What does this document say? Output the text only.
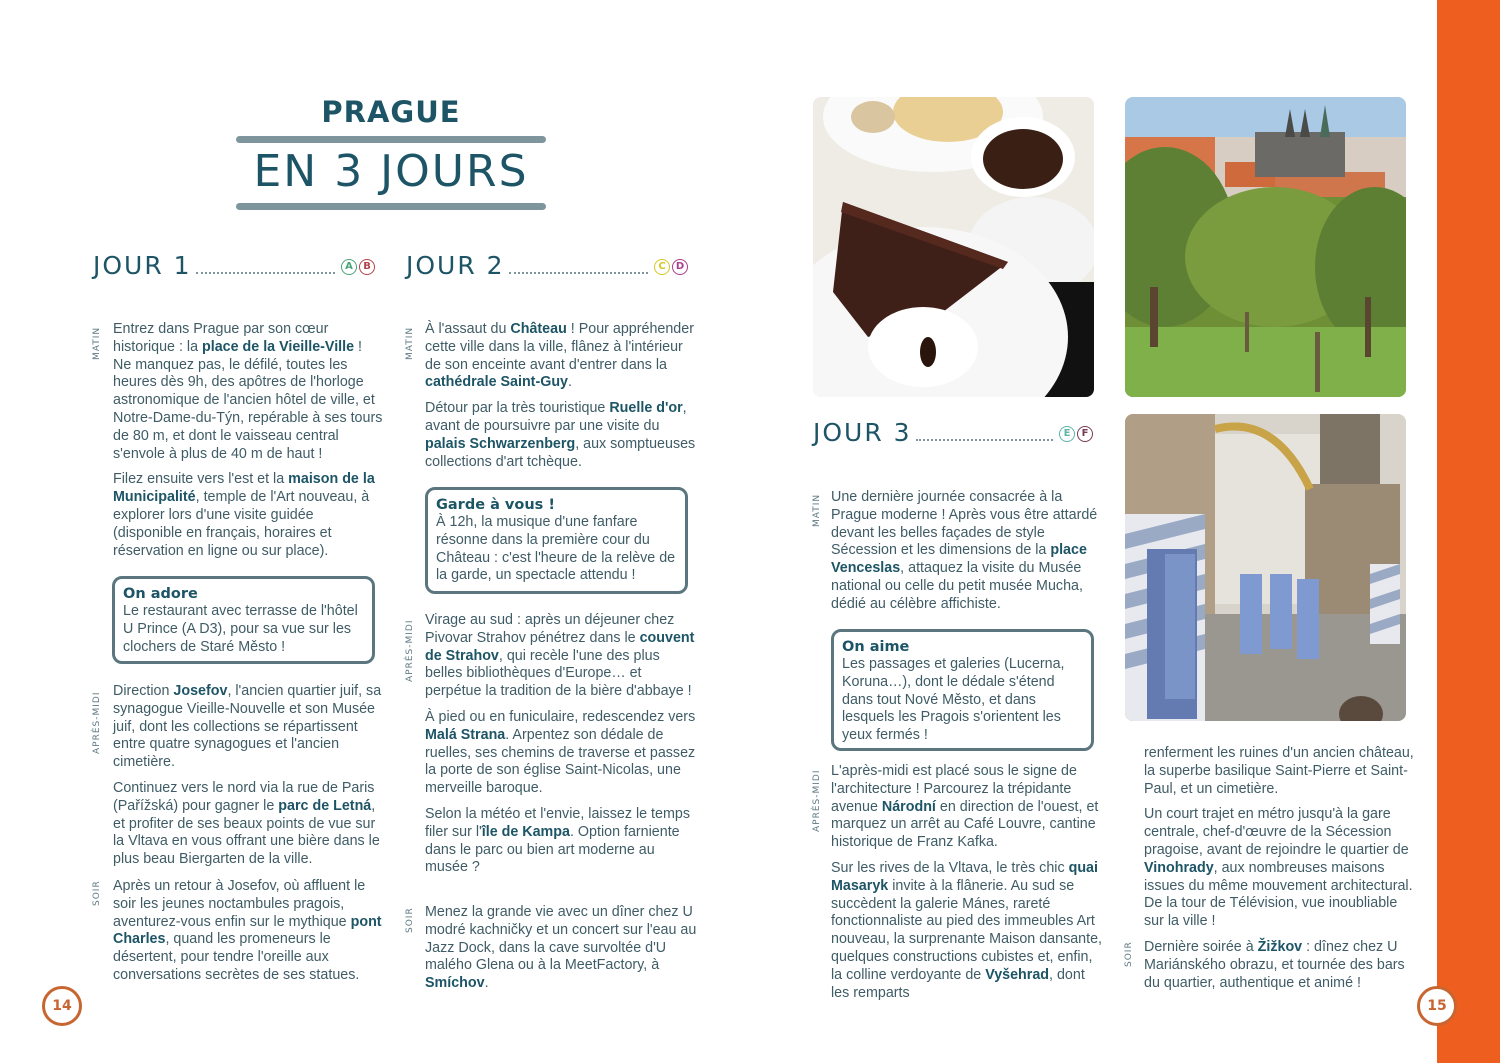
PRAGUE
EN 3 JOURS
JOUR 1	A	B JOUR 2	C	D
JOUR 3	E	F
MATIN Entrez dans Prague par son cœur historique : la place de la Vieille-Ville ! Ne manquez pas, le défilé, toutes les heures dès 9h, des apôtres de l'horloge astronomique de l'ancien hôtel de ville, et Notre-Dame-du-Týn, repérable à ses tours de 80 m, et dont le vaisseau central s'envole à plus de 40 m de haut !

Filez ensuite vers l'est et la maison de la Municipalité, temple de l'Art nouveau, à explorer lors d'une visite guidée (disponible en français, horaires et réservation en ligne ou sur place).

On adore
Le restaurant avec terrasse de l'hôtel U Prince (A D3), pour sa vue sur les clochers de Staré Město !
APRÈS-MIDI

Direction Josefov, l'ancien quartier juif, sa synagogue Vieille-Nouvelle et son Musée juif, dont les collections se répartissent entre quatre synagogues et l'ancien cimetière.

Continuez vers le nord via la rue de Paris (Pařížská) pour gagner le parc de Letná, et profiter de ses beaux points de vue sur la Vltava en vous offrant une bière dans le plus beau Biergarten de la ville.

SOIR Après un retour à Josefov, où affluent le soir les jeunes noctambules pragois, aventurez-vous enfin sur le mythique pont Charles, quand les promeneurs le désertent, pour tendre l'oreille aux conversations secrètes de ses statues.

MATIN À l'assaut du Château ! Pour appréhender cette ville dans la ville, flânez à l'intérieur de son enceinte avant d'entrer dans la cathédrale Saint-Guy.

Détour par la très touristique Ruelle d'or, avant de poursuivre par une visite du palais Schwarzenberg, aux somptueuses collections d'art tchèque.

Garde à vous !
À 12h, la musique d'une fanfare résonne dans la première cour du Château : c'est l'heure de la relève de la garde, un spectacle attendu !
APRÈS-MIDI Virage au sud : après un déjeuner chez Pivovar Strahov pénétrez dans le couvent de Strahov, qui recèle l'une des plus belles bibliothèques d'Europe… et perpétue la tradition de la bière d'abbaye !

À pied ou en funiculaire, redescendez vers Malá Strana. Arpentez son dédale de ruelles, ses chemins de traverse et passez la porte de son église Saint-Nicolas, une merveille baroque.

Selon la météo et l'envie, laissez le temps filer sur l'île de Kampa. Option farniente dans le parc ou bien art moderne au musée ?

SOIR Menez la grande vie avec un dîner chez U modré kachničky et un concert sur l'eau au Jazz Dock, dans la cave survoltée d'U malého Glena ou à la MeetFactory, à Smíchov.

MATIN Une dernière journée consacrée à la Prague moderne ! Après vous être attardé devant les belles façades de style Sécession et les dimensions de la place Venceslas, attaquez la visite du Musée national ou celle du petit musée Mucha, dédié au célèbre affichiste.

On aime
Les passages et galeries (Lucerna, Koruna…), dont le dédale s'étend dans tout Nové Město, et dans lesquels les Pragois s'orientent les yeux fermés !
APRÈS-MIDI L'après-midi est placé sous le signe de l'architecture ! Parcourez la trépidante avenue Národní en direction de l'ouest, et marquez un arrêt au Café Louvre, cantine historique de Franz Kafka.

Sur les rives de la Vltava, le très chic quai Masaryk invite à la flânerie. Au sud se succèdent la galerie Mánes, rareté fonctionnaliste au pied des immeubles Art nouveau, la surprenante Maison dansante, quelques constructions cubistes et, enfin, la colline verdoyante de Vyšehrad, dont les remparts

renferment les ruines d'un ancien château, la superbe basilique Saint-Pierre et Saint-Paul, et un cimetière.

Un court trajet en métro jusqu'à la gare centrale, chef-d'œuvre de la Sécession pragoise, avant de rejoindre le quartier de Vinohrady, aux nombreuses maisons issues du même mouvement architectural. De la tour de Télévision, vue inoubliable sur la ville !

SOIR Dernière soirée à Žižkov : dînez chez U Mariánského obrazu, et tournée des bars du quartier, authentique et animé !

14	15
